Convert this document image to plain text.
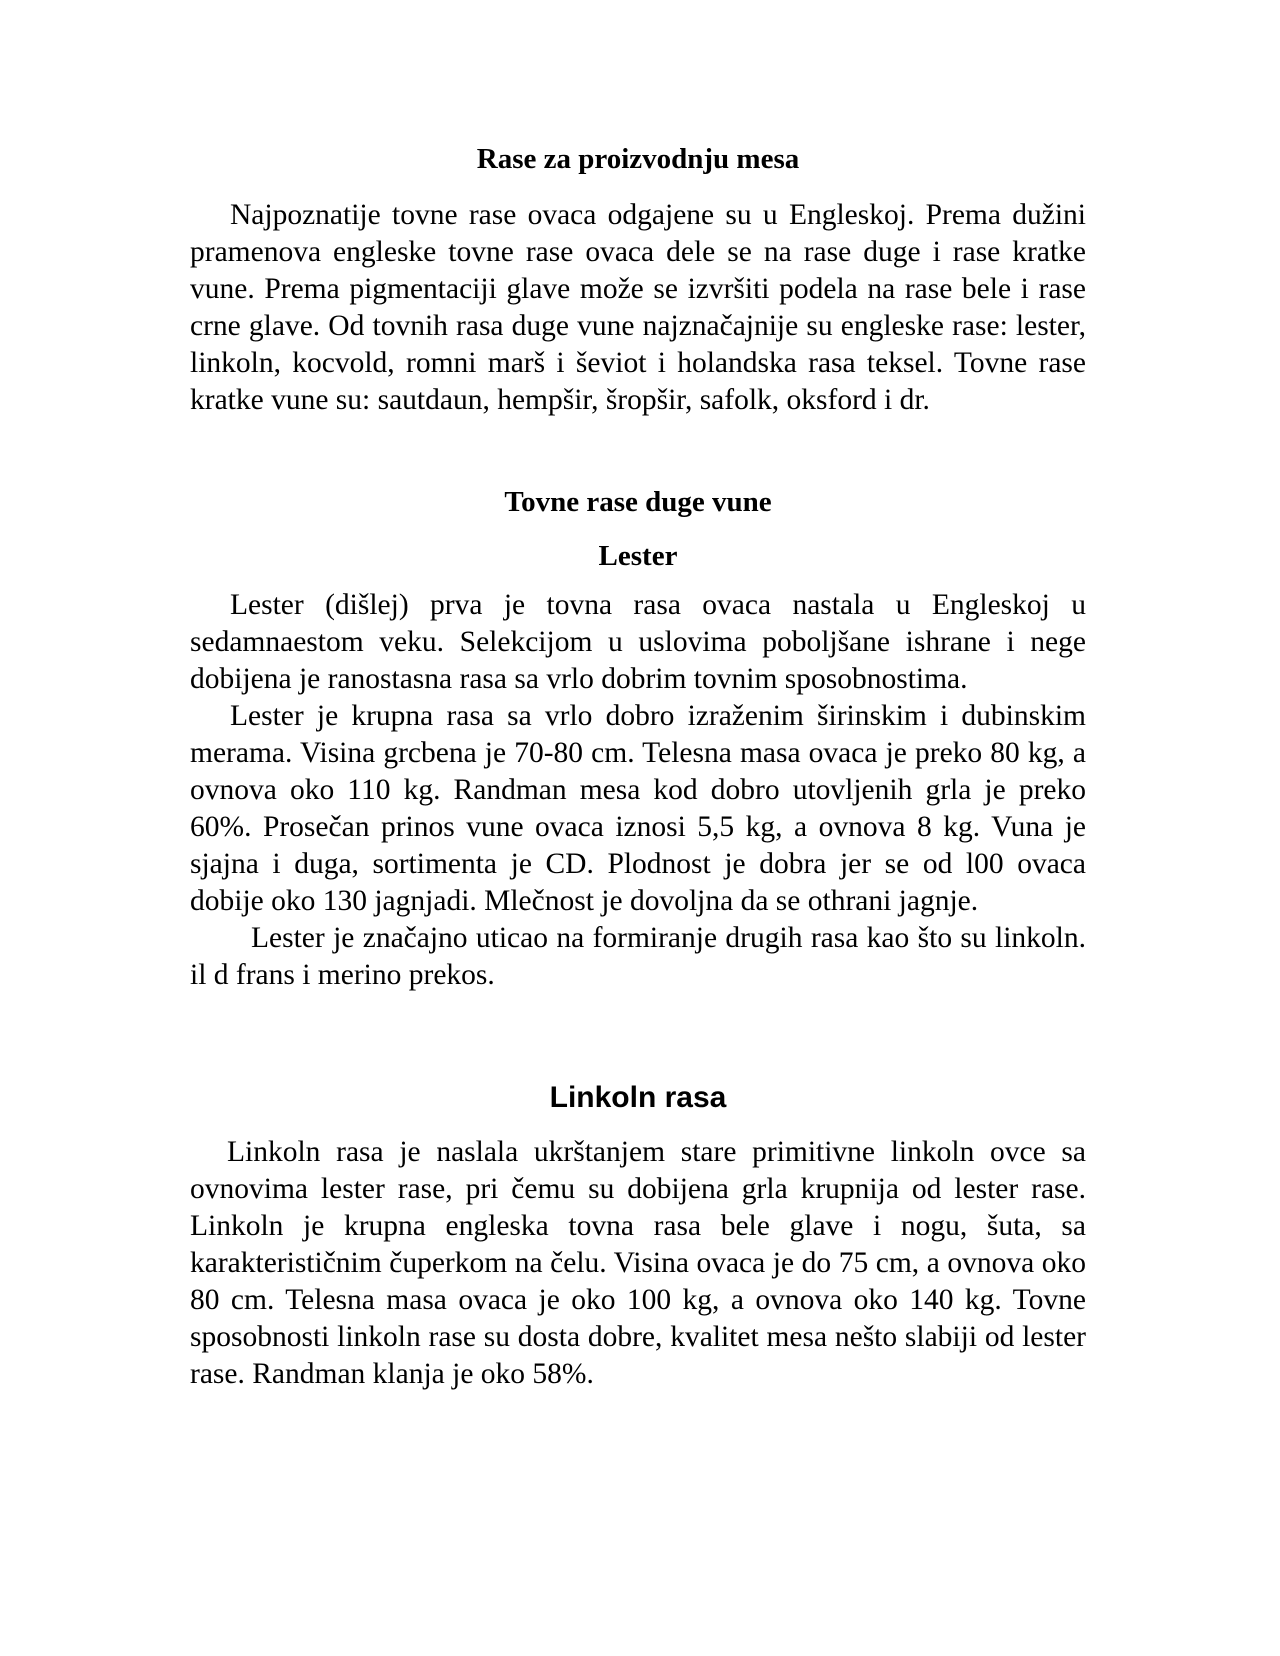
Rase za proizvodnju mesa

Najpoznatije tovne rase ovaca odgajene su u Engleskoj. Prema dužini pramenova engleske tovne rase ovaca dele se na rase duge i rase kratke vune. Prema pigmentaciji glave može se izvršiti podela na rase bele i rase crne glave. Od tovnih rasa duge vune najznačajnije su engleske rase: lester, linkoln, kocvold, romni marš i ševiot i holandska rasa teksel. Tovne rase kratke vune su: sautdaun, hempšir, šropšir, safolk, oksford i dr.

Tovne rase duge vune
Lester

Lester (dišlej) prva je tovna rasa ovaca nastala u Engleskoj u sedamnaestom veku. Selekcijom u uslovima poboljšane ishrane i nege dobijena je ranostasna rasa sa vrlo dobrim tovnim sposobnostima.

Lester je krupna rasa sa vrlo dobro izraženim širinskim i dubinskim merama. Visina grcbena je 70-80 cm. Telesna masa ovaca je preko 80 kg, a ovnova oko 110 kg. Randman mesa kod dobro utovljenih grla je preko 60%. Prosečan prinos vune ovaca iznosi 5,5 kg, a ovnova 8 kg. Vuna je sjajna i duga, sortimenta je CD. Plodnost je dobra jer se od l00 ovaca dobije oko 130 jagnjadi. Mlečnost je dovoljna da se othrani jagnje.

Lester je značajno uticao na formiranje drugih rasa kao što su linkoln. il d frans i merino prekos.

Linkoln rasa

Linkoln rasa je naslala ukrštanjem stare primitivne linkoln ovce sa ovnovima lester rase, pri čemu su dobijena grla krupnija od lester rase. Linkoln je krupna engleska tovna rasa bele glave i nogu, šuta, sa karakterističnim čuperkom na čelu. Visina ovaca je do 75 cm, a ovnova oko 80 cm. Telesna masa ovaca je oko 100 kg, a ovnova oko 140 kg. Tovne sposobnosti linkoln rase su dosta dobre, kvalitet mesa nešto slabiji od lester rase. Randman klanja je oko 58%.
